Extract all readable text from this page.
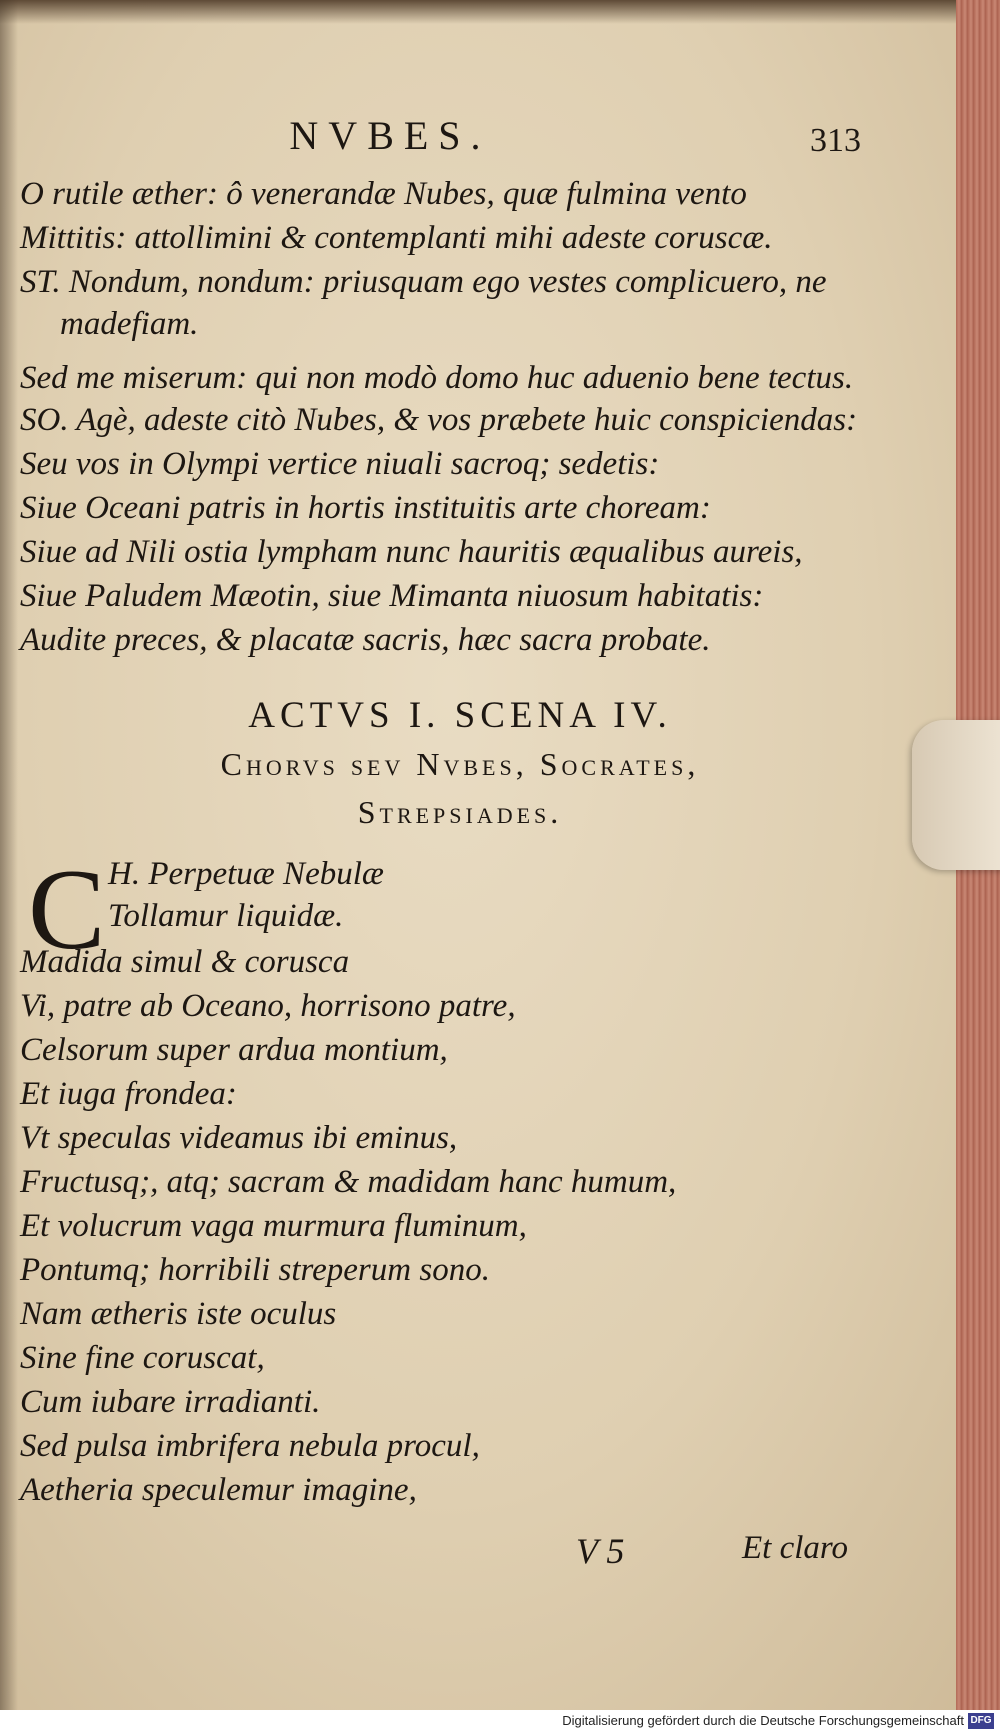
NVBES.	313
O rutile æther: ô venerandæ Nubes, quæ fulmina vento
Mittitis: attollimini & contemplanti mihi adeste coruscæ.
ST. Nondum, nondum: priusquam ego vestes complicuero, ne
madefiam.
Sed me miserum: qui non modò domo huc aduenio bene tectus.
SO. Agè, adeste citò Nubes, & vos præbete huic conspiciendas:
Seu vos in Olympi vertice niuali sacroq; sedetis:
Siue Oceani patris in hortis instituitis arte choream:
Siue ad Nili ostia lympham nunc hauritis æqualibus aureis,
Siue Paludem Mæotin, siue Mimanta niuosum habitatis:
Audite preces, & placatæ sacris, hæc sacra probate.
ACTVS I. SCENA IV.
Chorvs sev Nvbes, Socrates,
Strepsiades.
C H. Perpetuæ Nebulæ
Tollamur liquidæ.
Madida simul & corusca
Vi, patre ab Oceano, horrisono patre,
Celsorum super ardua montium,
Et iuga frondea:
Vt speculas videamus ibi eminus,
Fructusq;, atq; sacram & madidam hanc humum,
Et volucrum vaga murmura fluminum,
Pontumq; horribili streperum sono.
Nam ætheris iste oculus
Sine fine coruscat,
Cum iubare irradianti.
Sed pulsa imbrifera nebula procul,
Aetheria speculemur imagine,
V 5	Et claro
Digitalisierung gefördert durch die Deutsche Forschungsgemeinschaft DFG
